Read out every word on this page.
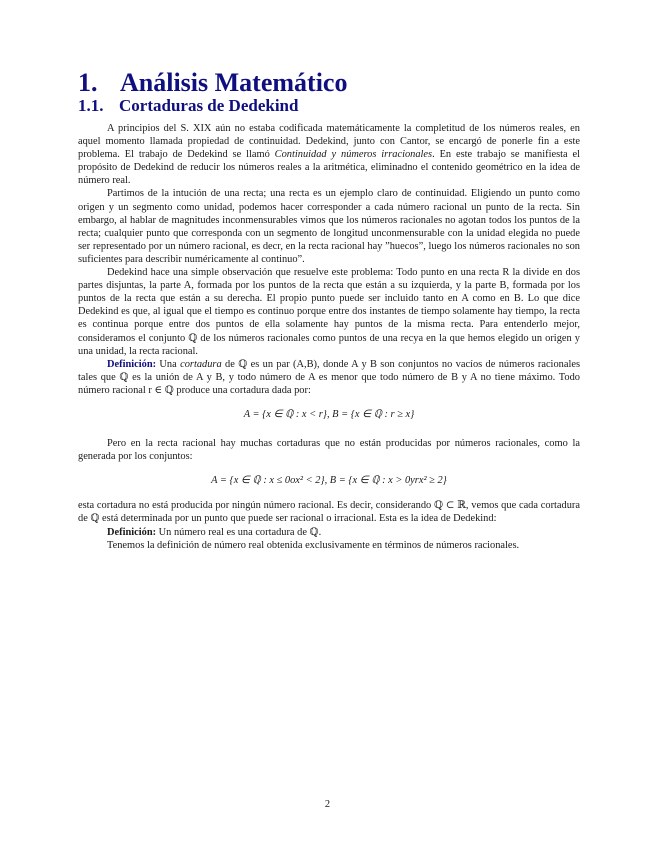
1. Análisis Matemático
1.1. Cortaduras de Dedekind

A principios del S. XIX aún no estaba codificada matemáticamente la completitud de los números reales, en aquel momento llamada propiedad de continuidad. Dedekind, junto con Cantor, se encargó de ponerle fin a este problema. El trabajo de Dedekind se llamó Continuidad y números irracionales. En este trabajo se manifiesta el propósito de Dedekind de reducir los números reales a la aritmética, eliminadno el contenido geométrico en la idea de número real.

Partimos de la intución de una recta; una recta es un ejemplo claro de continuidad. Eligiendo un punto como origen y un segmento como unidad, podemos hacer corresponder a cada número racional un punto de la recta. Sin embargo, al hablar de magnitudes inconmensurables vimos que los números racionales no agotan todos los puntos de la recta; cualquier punto que corresponda con un segmento de longitud unconmensurable con la unidad elegida no puede ser representado por un número racional, es decr, en la recta racional hay ”huecos”, luego los números racionales no son suficientes para describir numéricamente al continuo”.

Dedekind hace una simple observación que resuelve este problema: Todo punto en una recta R la divide en dos partes disjuntas, la parte A, formada por los puntos de la recta que están a su izquierda, y la parte B, formada por los puntos de la recta que están a su derecha. El propio punto puede ser incluido tanto en A como en B. Lo que dice Dedekind es que, al igual que el tiempo es continuo porque entre dos instantes de tiempo solamente hay tiempo, la recta es continua porque entre dos puntos de ella solamente hay puntos de la misma recta. Para entenderlo mejor, consideramos el conjunto ℚ de los números racionales como puntos de una recya en la que hemos elegido un origen y una unidad, la recta racional.

Definición: Una cortadura de ℚ es un par (A,B), donde A y B son conjuntos no vacíos de números racionales tales que ℚ es la unión de A y B, y todo número de A es menor que todo número de B y A no tiene máximo. Todo número racional r ∈ ℚ produce una cortadura dada por:

A = {x ∈ ℚ : x < r}, B = {x ∈ ℚ : r ≥ x}

Pero en la recta racional hay muchas cortaduras que no están producidas por números racionales, como la generada por los conjuntos:

A = {x ∈ ℚ : x ≤ 0ox² < 2}, B = {x ∈ ℚ : x > 0yrx² ≥ 2}

esta cortadura no está producida por ningún número racional. Es decir, considerando ℚ ⊂ ℝ, vemos que cada cortadura de ℚ está determinada por un punto que puede ser racional o irracional. Esta es la idea de Dedekind:

Definición: Un número real es una cortadura de ℚ.

Tenemos la definición de número real obtenida exclusivamente en términos de números racionales.

2
